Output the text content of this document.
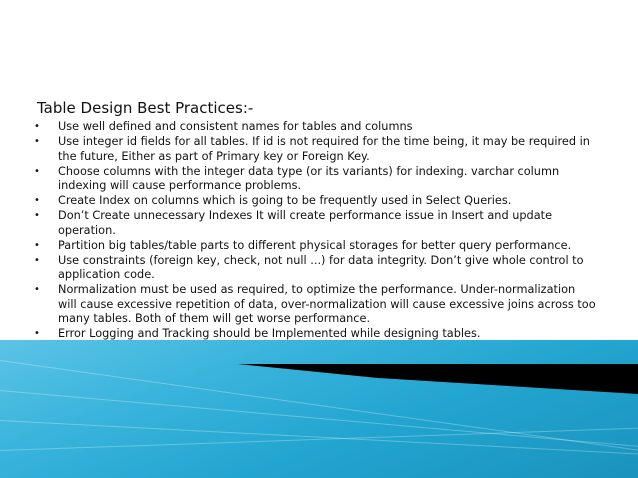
Table Design Best Practices:-
• Use well defined and consistent names for tables and columns
• Use integer id fields for all tables. If id is not required for the time being, it may be required in the future, Either as part of Primary key or Foreign Key.
• Choose columns with the integer data type (or its variants) for indexing. varchar column indexing will cause performance problems.
• Create Index on columns which is going to be frequently used in Select Queries.
• Don’t Create unnecessary Indexes It will create performance issue in Insert and update operation.
• Partition big tables/table parts to different physical storages for better query performance.
• Use constraints (foreign key, check, not null ...) for data integrity. Don’t give whole control to application code.
• Normalization must be used as required, to optimize the performance. Under-normalization will cause excessive repetition of data, over-normalization will cause excessive joins across too many tables. Both of them will get worse performance.
• Error Logging and Tracking should be Implemented while designing tables.
